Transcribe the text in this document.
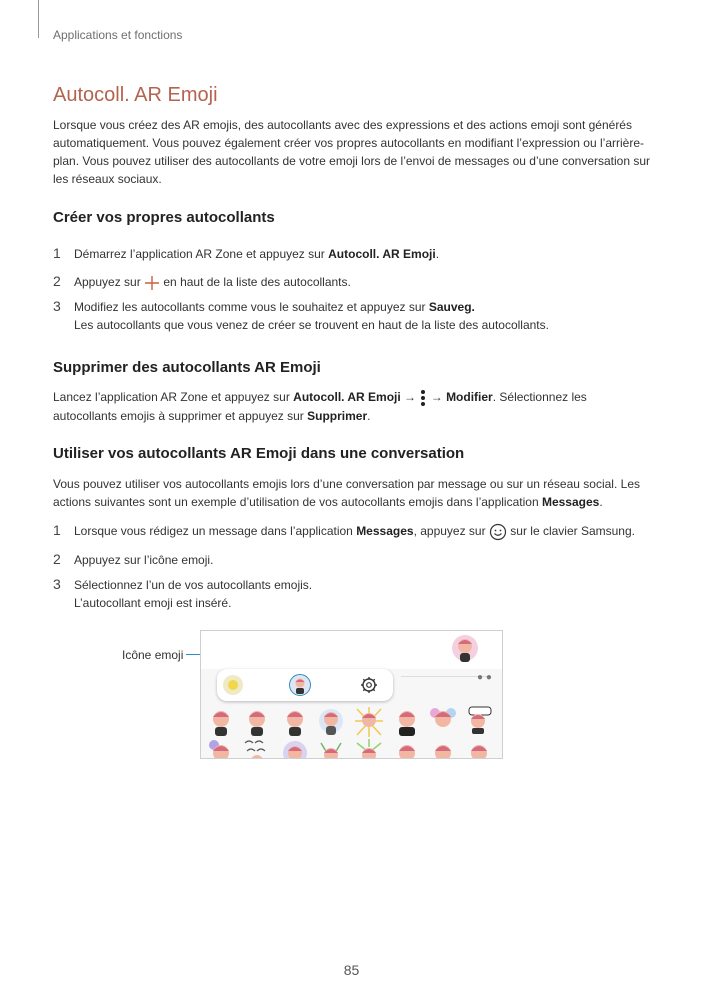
Applications et fonctions
Autocoll. AR Emoji

Lorsque vous créez des AR emojis, des autocollants avec des expressions et des actions emoji sont générés automatiquement. Vous pouvez également créer vos propres autocollants en modifiant l’expression ou l’arrière-plan. Vous pouvez utiliser des autocollants de votre emoji lors de l’envoi de messages ou d’une conversation sur les réseaux sociaux.

Créer vos propres autocollants
1 Démarrez l’application AR Zone et appuyez sur Autocoll. AR Emoji.
2 Appuyez sur  en haut de la liste des autocollants.
3 Modifiez les autocollants comme vous le souhaitez et appuyez sur Sauveg.
Les autocollants que vous venez de créer se trouvent en haut de la liste des autocollants.
Supprimer des autocollants AR Emoji

Lancez l’application AR Zone et appuyez sur Autocoll. AR Emoji →  → Modifier. Sélectionnez les autocollants emojis à supprimer et appuyez sur Supprimer.

Utiliser vos autocollants AR Emoji dans une conversation

Vous pouvez utiliser vos autocollants emojis lors d’une conversation par message ou sur un réseau social. Les actions suivantes sont un exemple d’utilisation de vos autocollants emojis dans l’application Messages.

1 Lorsque vous rédigez un message dans l’application Messages, appuyez sur  sur le clavier Samsung.
2 Appuyez sur l’icône emoji.
3 Sélectionnez l’un de vos autocollants emojis.
L’autocollant emoji est inséré.
Icône emoji
● ●
85
